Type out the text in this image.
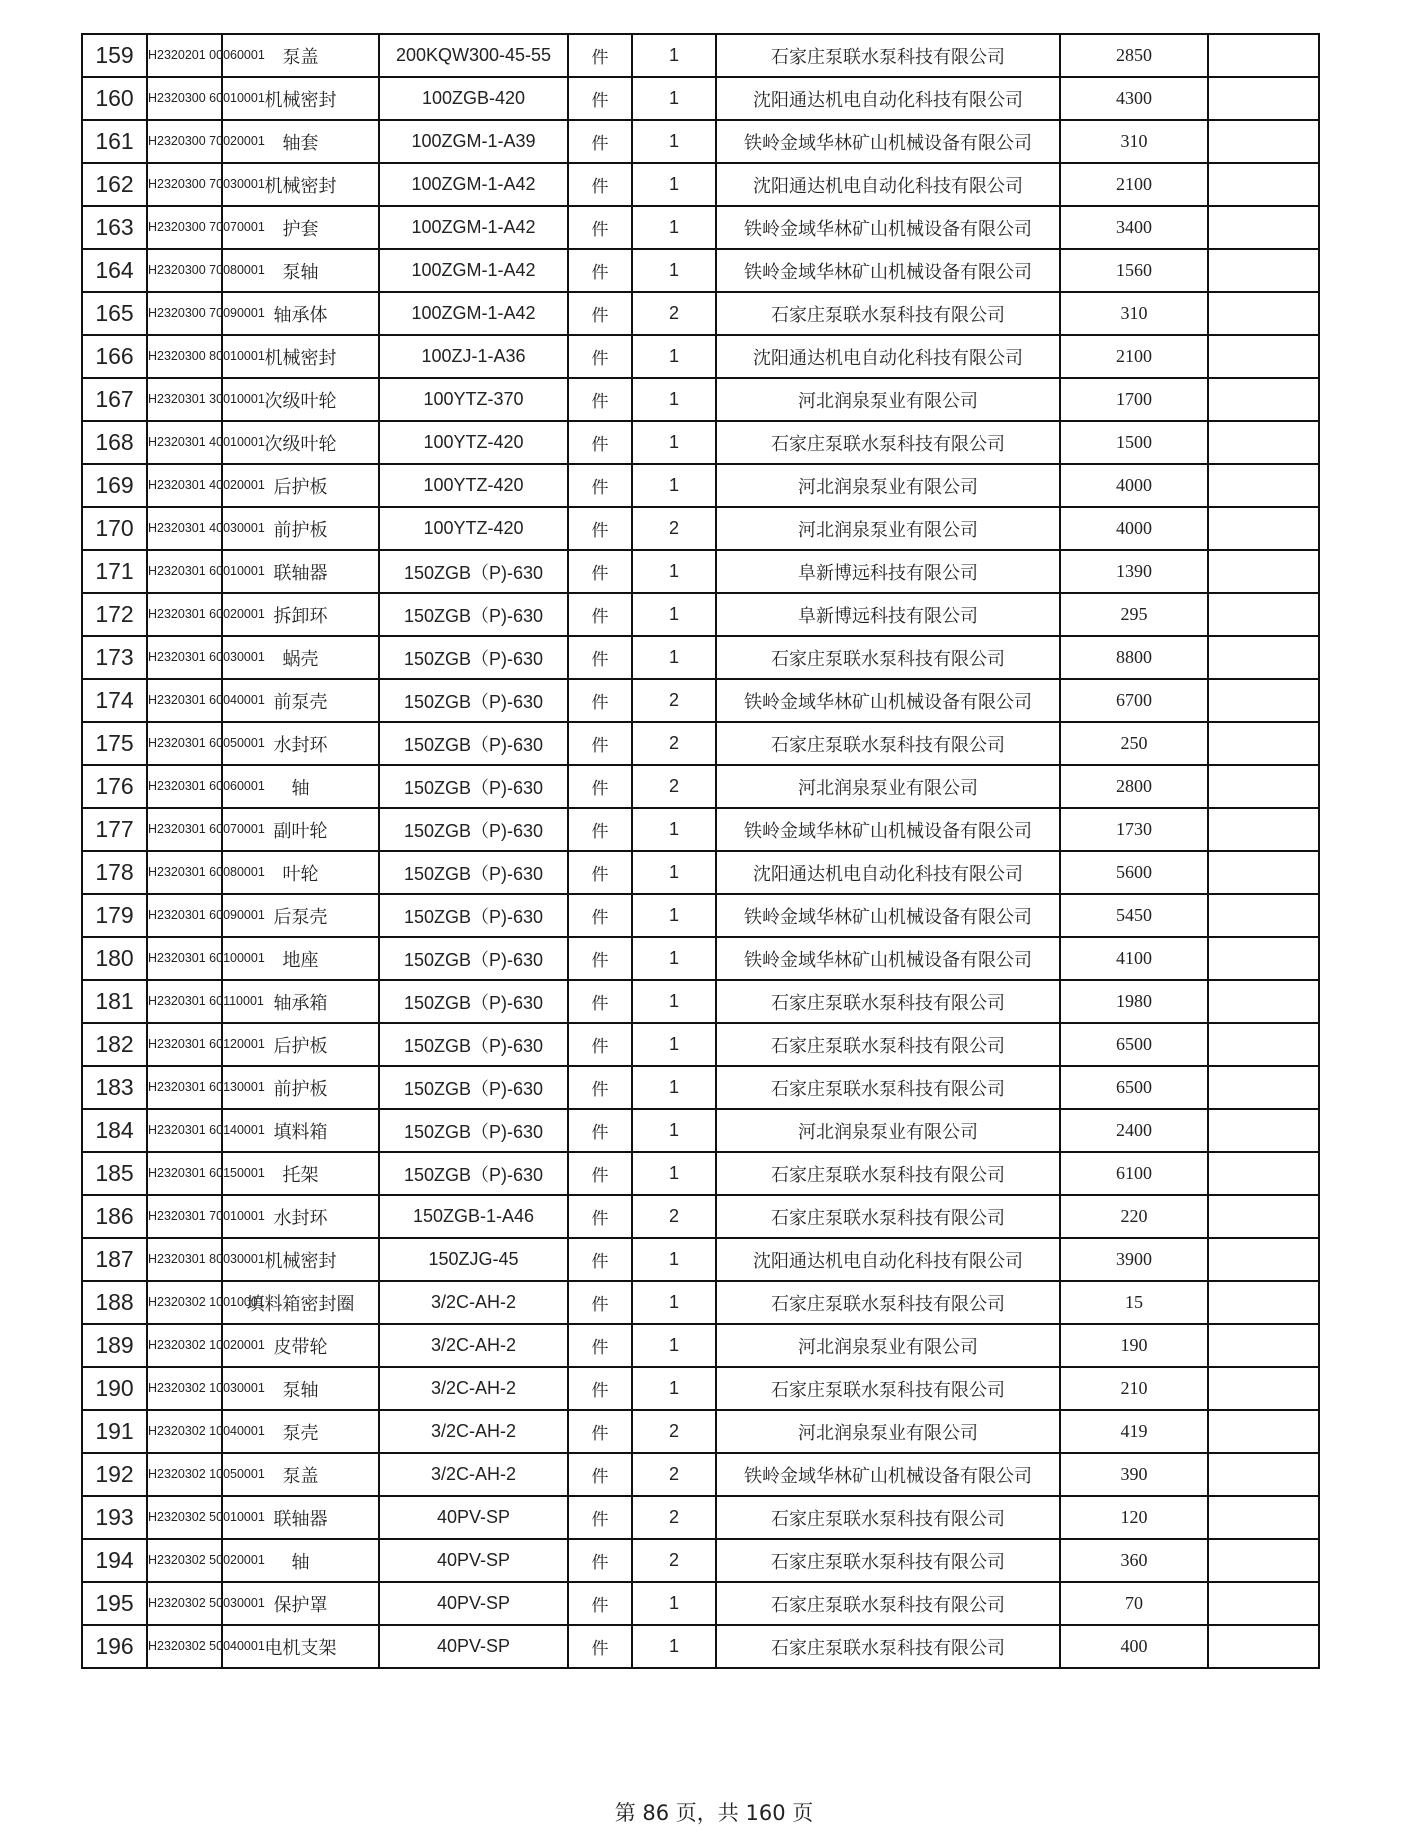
159	H2320201 00060001	泵盖	200KQW300-45-55	件	1	石家庄泵联水泵科技有限公司	2850	
160	H2320300 60010001	机械密封	100ZGB-420	件	1	沈阳通达机电自动化科技有限公司	4300	
161	H2320300 70020001	轴套	100ZGM-1-A39	件	1	铁岭金域华林矿山机械设备有限公司	310	
162	H2320300 70030001	机械密封	100ZGM-1-A42	件	1	沈阳通达机电自动化科技有限公司	2100	
163	H2320300 70070001	护套	100ZGM-1-A42	件	1	铁岭金域华林矿山机械设备有限公司	3400	
164	H2320300 70080001	泵轴	100ZGM-1-A42	件	1	铁岭金域华林矿山机械设备有限公司	1560	
165	H2320300 70090001	轴承体	100ZGM-1-A42	件	2	石家庄泵联水泵科技有限公司	310	
166	H2320300 80010001	机械密封	100ZJ-1-A36	件	1	沈阳通达机电自动化科技有限公司	2100	
167	H2320301 30010001	次级叶轮	100YTZ-370	件	1	河北润泉泵业有限公司	1700	
168	H2320301 40010001	次级叶轮	100YTZ-420	件	1	石家庄泵联水泵科技有限公司	1500	
169	H2320301 40020001	后护板	100YTZ-420	件	1	河北润泉泵业有限公司	4000	
170	H2320301 40030001	前护板	100YTZ-420	件	2	河北润泉泵业有限公司	4000	
171	H2320301 60010001	联轴器	150ZGB（P)-630	件	1	阜新博远科技有限公司	1390	
172	H2320301 60020001	拆卸环	150ZGB（P)-630	件	1	阜新博远科技有限公司	295	
173	H2320301 60030001	蜗壳	150ZGB（P)-630	件	1	石家庄泵联水泵科技有限公司	8800	
174	H2320301 60040001	前泵壳	150ZGB（P)-630	件	2	铁岭金域华林矿山机械设备有限公司	6700	
175	H2320301 60050001	水封环	150ZGB（P)-630	件	2	石家庄泵联水泵科技有限公司	250	
176	H2320301 60060001	轴	150ZGB（P)-630	件	2	河北润泉泵业有限公司	2800	
177	H2320301 60070001	副叶轮	150ZGB（P)-630	件	1	铁岭金域华林矿山机械设备有限公司	1730	
178	H2320301 60080001	叶轮	150ZGB（P)-630	件	1	沈阳通达机电自动化科技有限公司	5600	
179	H2320301 60090001	后泵壳	150ZGB（P)-630	件	1	铁岭金域华林矿山机械设备有限公司	5450	
180	H2320301 60100001	地座	150ZGB（P)-630	件	1	铁岭金域华林矿山机械设备有限公司	4100	
181	H2320301 60110001	轴承箱	150ZGB（P)-630	件	1	石家庄泵联水泵科技有限公司	1980	
182	H2320301 60120001	后护板	150ZGB（P)-630	件	1	石家庄泵联水泵科技有限公司	6500	
183	H2320301 60130001	前护板	150ZGB（P)-630	件	1	石家庄泵联水泵科技有限公司	6500	
184	H2320301 60140001	填料箱	150ZGB（P)-630	件	1	河北润泉泵业有限公司	2400	
185	H2320301 60150001	托架	150ZGB（P)-630	件	1	石家庄泵联水泵科技有限公司	6100	
186	H2320301 70010001	水封环	150ZGB-1-A46	件	2	石家庄泵联水泵科技有限公司	220	
187	H2320301 80030001	机械密封	150ZJG-45	件	1	沈阳通达机电自动化科技有限公司	3900	
188	H2320302 10010001	填料箱密封圈	3/2C-AH-2	件	1	石家庄泵联水泵科技有限公司	15	
189	H2320302 10020001	皮带轮	3/2C-AH-2	件	1	河北润泉泵业有限公司	190	
190	H2320302 10030001	泵轴	3/2C-AH-2	件	1	石家庄泵联水泵科技有限公司	210	
191	H2320302 10040001	泵壳	3/2C-AH-2	件	2	河北润泉泵业有限公司	419	
192	H2320302 10050001	泵盖	3/2C-AH-2	件	2	铁岭金域华林矿山机械设备有限公司	390	
193	H2320302 50010001	联轴器	40PV-SP	件	2	石家庄泵联水泵科技有限公司	120	
194	H2320302 50020001	轴	40PV-SP	件	2	石家庄泵联水泵科技有限公司	360	
195	H2320302 50030001	保护罩	40PV-SP	件	1	石家庄泵联水泵科技有限公司	70	
196	H2320302 50040001	电机支架	40PV-SP	件	1	石家庄泵联水泵科技有限公司	400	
第 86 页，共 160 页
